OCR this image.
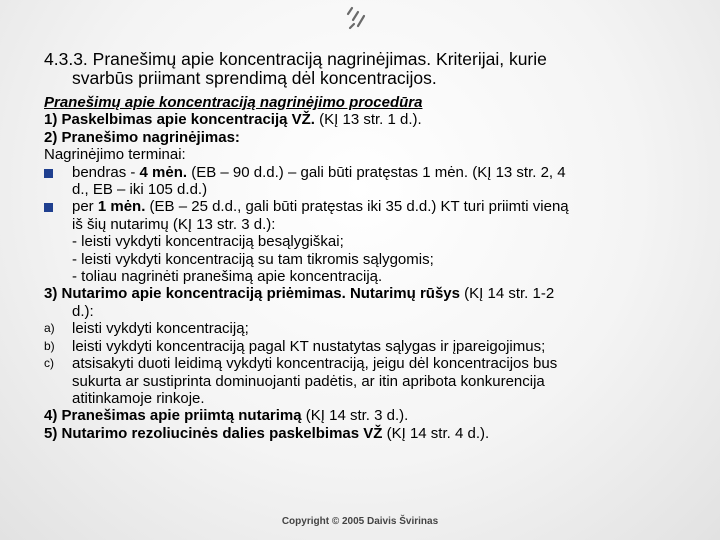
4.3.3. Pranešimų apie koncentraciją nagrinėjimas. Kriterijai, kurie
svarbūs priimant sprendimą dėl koncentracijos.
Pranešimų apie koncentraciją nagrinėjimo procedūra
1) Paskelbimas apie koncentraciją VŽ. (KĮ 13 str. 1 d.).
2) Pranešimo nagrinėjimas:
Nagrinėjimo terminai:
bendras - 4 mėn. (EB – 90 d.d.) – gali būti pratęstas 1 mėn. (KĮ 13 str. 2, 4
d., EB – iki 105 d.d.)
per 1 mėn. (EB – 25 d.d., gali būti pratęstas iki 35 d.d.) KT turi priimti vieną
iš šių nutarimų (KĮ 13 str. 3 d.):
- leisti vykdyti koncentraciją besąlygiškai;
- leisti vykdyti koncentraciją su tam tikromis sąlygomis;
- toliau nagrinėti pranešimą apie koncentraciją.
3) Nutarimo apie koncentraciją priėmimas. Nutarimų rūšys (KĮ 14 str. 1-2
d.):
a) leisti vykdyti koncentraciją;
b) leisti vykdyti koncentraciją pagal KT nustatytas sąlygas ir įpareigojimus;
c) atsisakyti duoti leidimą vykdyti koncentraciją, jeigu dėl koncentracijos bus
sukurta ar sustiprinta dominuojanti padėtis, ar itin apribota konkurencija
atitinkamoje rinkoje.
4) Pranešimas apie priimtą nutarimą (KĮ 14 str. 3 d.).
5) Nutarimo rezoliucinės dalies paskelbimas VŽ (KĮ 14 str. 4 d.).
Copyright © 2005 Daivis Švirinas
